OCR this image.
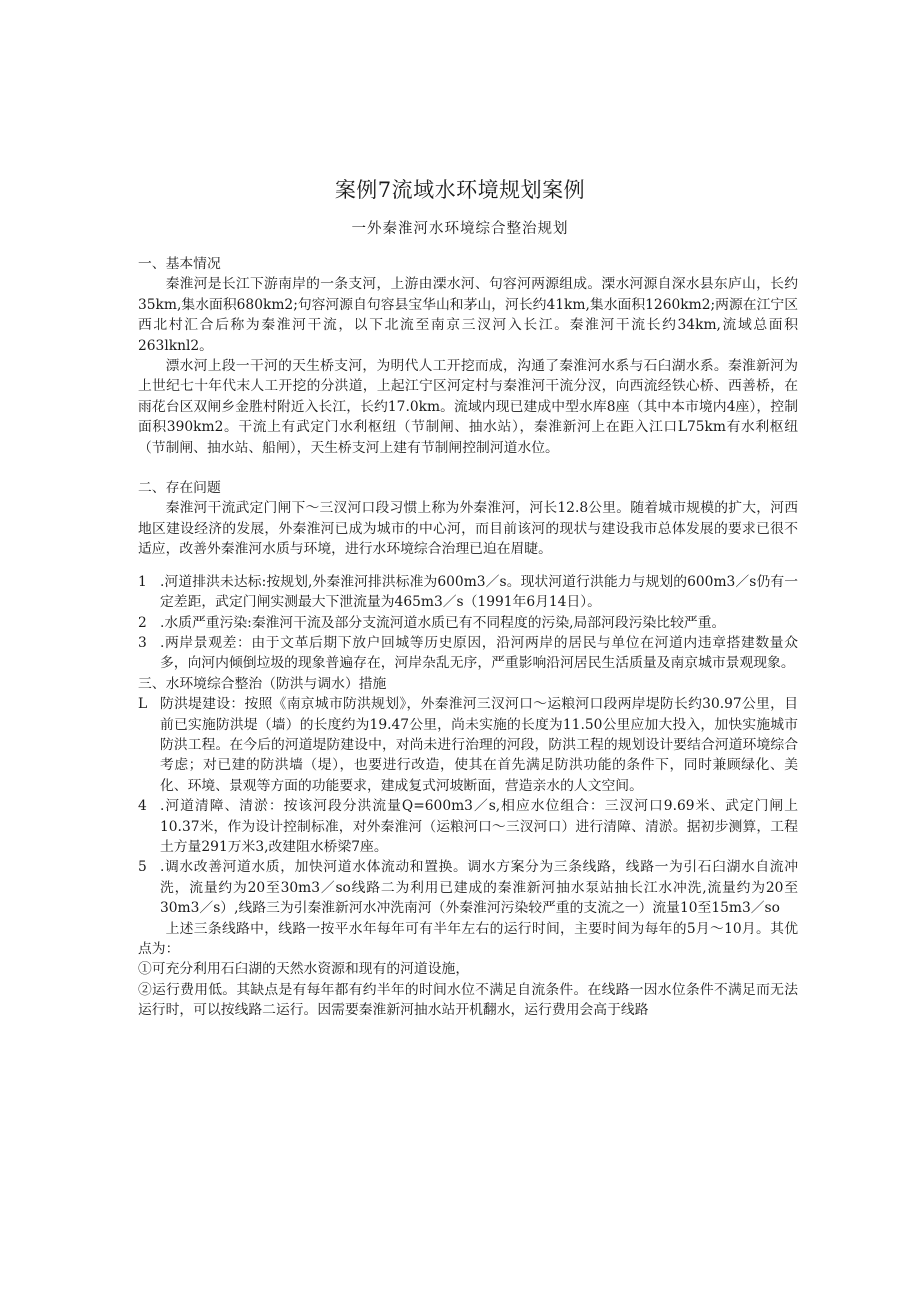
案例7流域水环境规划案例
一外秦淮河水环境综合整治规划

一、基本情况

秦淮河是长江下游南岸的一条支河，上游由溧水河、句容河两源组成。溧水河源自深水县东庐山，长约35km,集水面积680km2;句容河源自句容县宝华山和茅山，河长约41km,集水面积1260km2;两源在江宁区西北村汇合后称为秦淮河干流，以下北流至南京三汊河入长江。秦淮河干流长约34km,流域总面积263lknl2。

漂水河上段一干河的天生桥支河，为明代人工开挖而成，沟通了秦淮河水系与石臼湖水系。秦淮新河为上世纪七十年代末人工开挖的分洪道，上起江宁区河定村与秦淮河干流分汊，向西流经铁心桥、西善桥，在雨花台区双闸乡金胜村附近入长江，长约17.0km。流域内现已建成中型水库8座（其中本市境内4座），控制面积390km2。干流上有武定门水利枢纽（节制闸、抽水站），秦淮新河上在距入江口L75km有水利枢纽（节制闸、抽水站、船闸），天生桥支河上建有节制闸控制河道水位。

二、存在问题

秦淮河干流武定门闸下～三汊河口段习惯上称为外秦淮河，河长12.8公里。随着城市规模的扩大，河西地区建设经济的发展，外秦淮河已成为城市的中心河，而目前该河的现状与建设我市总体发展的要求已很不适应，改善外秦淮河水质与环境，进行水环境综合治理已迫在眉睫。

1 .河道排洪未达标:按规划,外秦淮河排洪标准为600m3／s。现状河道行洪能力与规划的600m3／s仍有一定差距，武定门闸实测最大下泄流量为465m3／s（1991年6月14日）。
2 .水质严重污染:秦淮河干流及部分支流河道水质已有不同程度的污染,局部河段污染比较严重。
3 .两岸景观差：由于文革后期下放户回城等历史原因，沿河两岸的居民与单位在河道内违章搭建数量众多，向河内倾倒垃圾的现象普遍存在，河岸杂乱无序，严重影响沿河居民生活质量及南京城市景观现象。

三、水环境综合整治（防洪与调水）措施

L 防洪堤建设：按照《南京城市防洪规划》，外秦淮河三汊河口～运粮河口段两岸堤防长约30.97公里，目前已实施防洪堤（墙）的长度约为19.47公里，尚未实施的长度为11.50公里应加大投入，加快实施城市防洪工程。在今后的河道堤防建设中，对尚未进行治理的河段，防洪工程的规划设计要结合河道环境综合考虑；对已建的防洪墙（堤），也要进行改造，使其在首先满足防洪功能的条件下，同时兼顾绿化、美化、环境、景观等方面的功能要求，建成复式河坡断面，营造亲水的人文空间。
4 .河道清障、清淤：按该河段分洪流量Q=600m3／s,相应水位组合：三汊河口9.69米、武定门闸上10.37米，作为设计控制标准，对外秦淮河（运粮河口～三汊河口）进行清障、清淤。据初步测算，工程土方量291万米3,改建阻水桥梁7座。
5 .调水改善河道水质，加快河道水体流动和置换。调水方案分为三条线路，线路一为引石臼湖水自流冲洗，流量约为20至30m3／so线路二为利用已建成的秦淮新河抽水泵站抽长江水冲洗,流量约为20至30m3／s）,线路三为引秦淮新河水冲洗南河（外秦淮河污染较严重的支流之一）流量10至15m3／so

上述三条线路中，线路一按平水年每年可有半年左右的运行时间，主要时间为每年的5月～10月。其优点为：

①可充分利用石臼湖的天然水资源和现有的河道设施，

②运行费用低。其缺点是有每年都有约半年的时间水位不满足自流条件。在线路一因水位条件不满足而无法运行时，可以按线路二运行。因需要秦淮新河抽水站开机翻水，运行费用会高于线路
